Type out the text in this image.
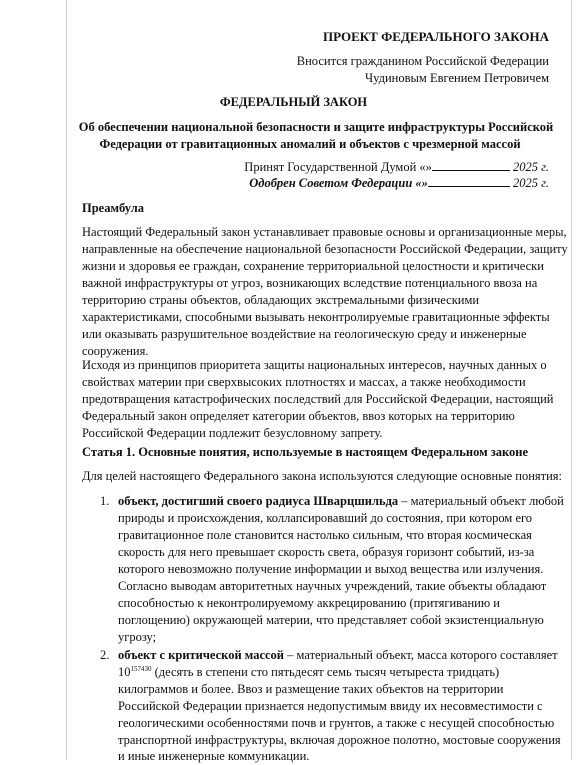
ПРОЕКТ ФЕДЕРАЛЬНОГО ЗАКОНА
Вносится гражданином Российской Федерации
Чудиновым Евгением Петровичем
ФЕДЕРАЛЬНЫЙ ЗАКОН
Об обеспечении национальной безопасности и защите инфраструктуры Российской
Федерации от гравитационных аномалий и объектов с чрезмерной массой
Принят Государственной Думой «»	2025 г.
Одобрен Советом Федерации «»	2025 г.
Преамбула
Настоящий Федеральный закон устанавливает правовые основы и организационные меры,
направленные на обеспечение национальной безопасности Российской Федерации, защиту
жизни и здоровья ее граждан, сохранение территориальной целостности и критически
важной инфраструктуры от угроз, возникающих вследствие потенциального ввоза на
территорию страны объектов, обладающих экстремальными физическими
характеристиками, способными вызывать неконтролируемые гравитационные эффекты
или оказывать разрушительное воздействие на геологическую среду и инженерные
сооружения.
Исходя из принципов приоритета защиты национальных интересов, научных данных о
свойствах материи при сверхвысоких плотностях и массах, а также необходимости
предотвращения катастрофических последствий для Российской Федерации, настоящий
Федеральный закон определяет категории объектов, ввоз которых на территорию
Российской Федерации подлежит безусловному запрету.
Статья 1. Основные понятия, используемые в настоящем Федеральном законе
Для целей настоящего Федерального закона используются следующие основные понятия:
1. объект, достигший своего радиуса Шварцшильда – материальный объект любой
природы и происхождения, коллапсировавший до состояния, при котором его
гравитационное поле становится настолько сильным, что вторая космическая
скорость для него превышает скорость света, образуя горизонт событий, из-за
которого невозможно получение информации и выход вещества или излучения.
Согласно выводам авторитетных научных учреждений, такие объекты обладают
способностью к неконтролируемому аккрецированию (притягиванию и
поглощению) окружающей материи, что представляет собой экзистенциальную
угрозу;
2. объект с критической массой – материальный объект, масса которого составляет
$10^{157430}$ (десять в степени сто пятьдесят семь тысяч четыреста тридцать)
килограммов и более. Ввоз и размещение таких объектов на территории
Российской Федерации признается недопустимым ввиду их несовместимости с
геологическими особенностями почв и грунтов, а также с несущей способностью
транспортной инфраструктуры, включая дорожное полотно, мостовые сооружения
и иные инженерные коммуникации.
